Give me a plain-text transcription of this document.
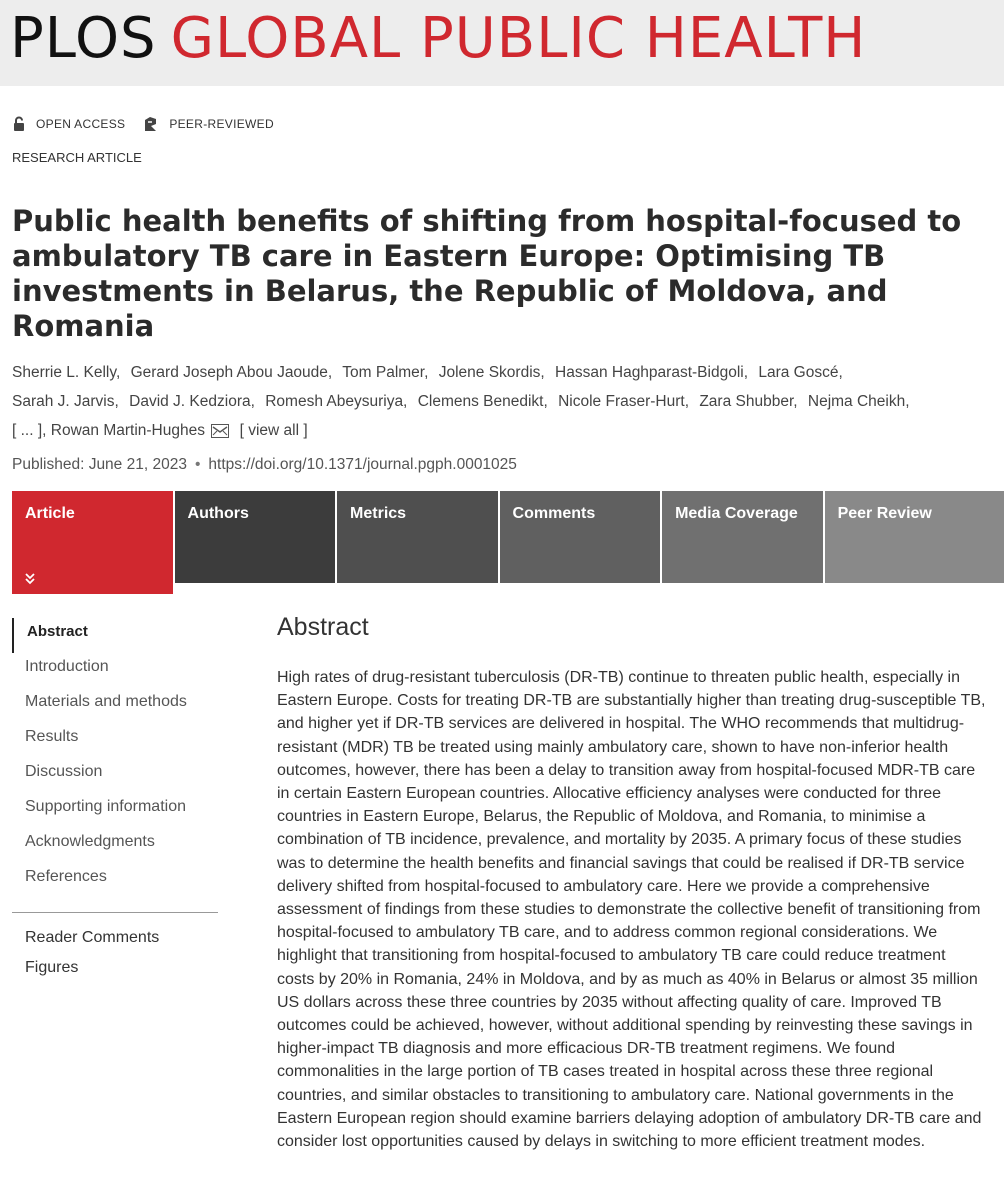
PLOS GLOBAL PUBLIC HEALTH
OPEN ACCESS	PEER-REVIEWED
RESEARCH ARTICLE
Public health benefits of shifting from hospital-focused to ambulatory TB care in Eastern Europe: Optimising TB investments in Belarus, the Republic of Moldova, and Romania
Sherrie L. Kelly, Gerard Joseph Abou Jaoude, Tom Palmer, Jolene Skordis, Hassan Haghparast-Bidgoli, Lara Goscé,
Sarah J. Jarvis, David J. Kedziora, Romesh Abeysuriya, Clemens Benedikt, Nicole Fraser-Hurt, Zara Shubber, Nejma Cheikh,
[ ... ], Rowan Martin-Hughes [ view all ]
Published: June 21, 2023 • https://doi.org/10.1371/journal.pgph.0001025
Article	Authors	Metrics	Comments	Media Coverage	Peer Review
Abstract
Introduction
Materials and methods
Results
Discussion
Supporting information
Acknowledgments
References
Reader Comments
Figures
Abstract

High rates of drug-resistant tuberculosis (DR-TB) continue to threaten public health, especially in Eastern Europe. Costs for treating DR-TB are substantially higher than treating drug-susceptible TB, and higher yet if DR-TB services are delivered in hospital. The WHO recommends that multidrug-resistant (MDR) TB be treated using mainly ambulatory care, shown to have non-inferior health outcomes, however, there has been a delay to transition away from hospital-focused MDR-TB care in certain Eastern European countries. Allocative efficiency analyses were conducted for three countries in Eastern Europe, Belarus, the Republic of Moldova, and Romania, to minimise a combination of TB incidence, prevalence, and mortality by 2035. A primary focus of these studies was to determine the health benefits and financial savings that could be realised if DR-TB service delivery shifted from hospital-focused to ambulatory care. Here we provide a comprehensive assessment of findings from these studies to demonstrate the collective benefit of transitioning from hospital-focused to ambulatory TB care, and to address common regional considerations. We highlight that transitioning from hospital-focused to ambulatory TB care could reduce treatment costs by 20% in Romania, 24% in Moldova, and by as much as 40% in Belarus or almost 35 million US dollars across these three countries by 2035 without affecting quality of care. Improved TB outcomes could be achieved, however, without additional spending by reinvesting these savings in higher-impact TB diagnosis and more efficacious DR-TB treatment regimens. We found commonalities in the large portion of TB cases treated in hospital across these three regional countries, and similar obstacles to transitioning to ambulatory care. National governments in the Eastern European region should examine barriers delaying adoption of ambulatory DR-TB care and consider lost opportunities caused by delays in switching to more efficient treatment modes.
